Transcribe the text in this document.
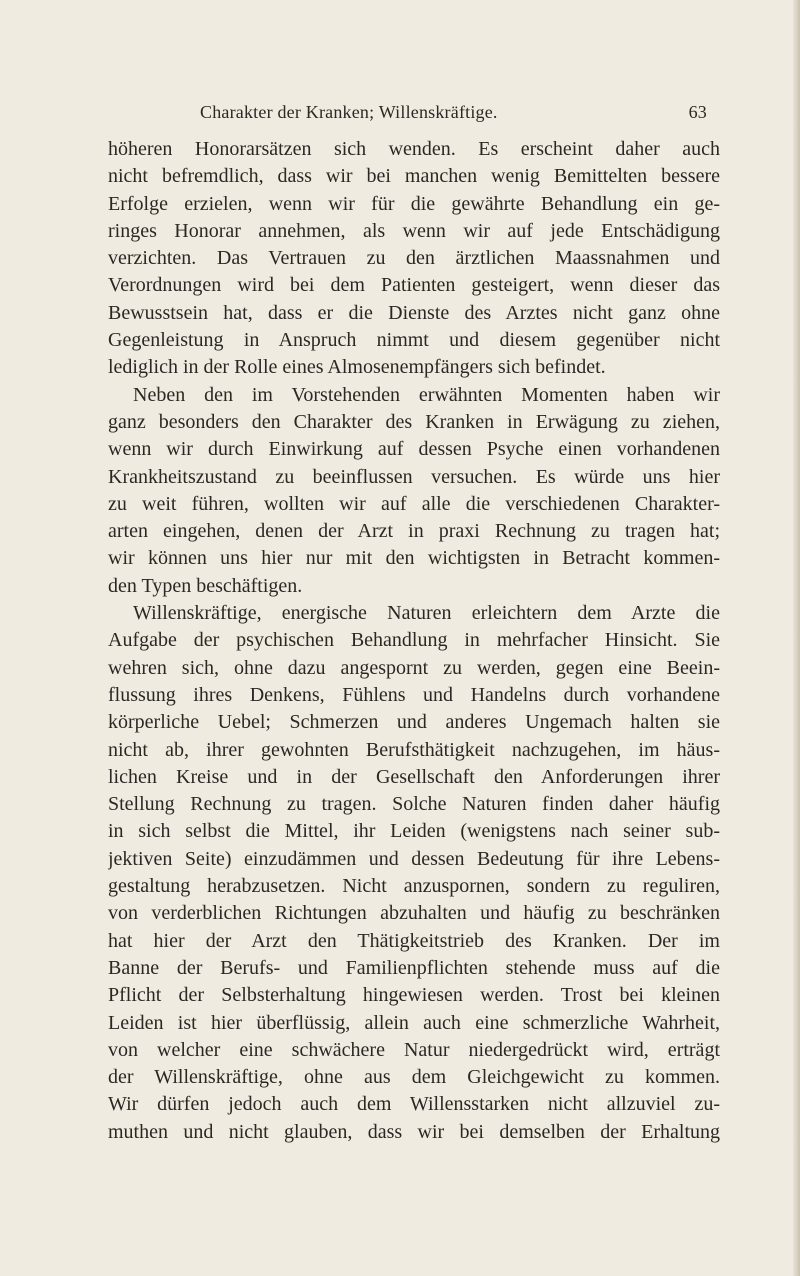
Charakter der Kranken; Willenskräftige.	63
höheren Honorarsätzen sich wenden. Es erscheint daher auch
nicht befremdlich, dass wir bei manchen wenig Bemittelten bessere
Erfolge erzielen, wenn wir für die gewährte Behandlung ein ge-
ringes Honorar annehmen, als wenn wir auf jede Entschädigung
verzichten. Das Vertrauen zu den ärztlichen Maassnahmen und
Verordnungen wird bei dem Patienten gesteigert, wenn dieser das
Bewusstsein hat, dass er die Dienste des Arztes nicht ganz ohne
Gegenleistung in Anspruch nimmt und diesem gegenüber nicht
lediglich in der Rolle eines Almosenempfängers sich befindet.
Neben den im Vorstehenden erwähnten Momenten haben wir
ganz besonders den Charakter des Kranken in Erwägung zu ziehen,
wenn wir durch Einwirkung auf dessen Psyche einen vorhandenen
Krankheitszustand zu beeinflussen versuchen. Es würde uns hier
zu weit führen, wollten wir auf alle die verschiedenen Charakter-
arten eingehen, denen der Arzt in praxi Rechnung zu tragen hat;
wir können uns hier nur mit den wichtigsten in Betracht kommen-
den Typen beschäftigen.
Willenskräftige, energische Naturen erleichtern dem Arzte die
Aufgabe der psychischen Behandlung in mehrfacher Hinsicht. Sie
wehren sich, ohne dazu angespornt zu werden, gegen eine Beein-
flussung ihres Denkens, Fühlens und Handelns durch vorhandene
körperliche Uebel; Schmerzen und anderes Ungemach halten sie
nicht ab, ihrer gewohnten Berufsthätigkeit nachzugehen, im häus-
lichen Kreise und in der Gesellschaft den Anforderungen ihrer
Stellung Rechnung zu tragen. Solche Naturen finden daher häufig
in sich selbst die Mittel, ihr Leiden (wenigstens nach seiner sub-
jektiven Seite) einzudämmen und dessen Bedeutung für ihre Lebens-
gestaltung herabzusetzen. Nicht anzuspornen, sondern zu reguliren,
von verderblichen Richtungen abzuhalten und häufig zu beschränken
hat hier der Arzt den Thätigkeitstrieb des Kranken. Der im
Banne der Berufs- und Familienpflichten stehende muss auf die
Pflicht der Selbsterhaltung hingewiesen werden. Trost bei kleinen
Leiden ist hier überflüssig, allein auch eine schmerzliche Wahrheit,
von welcher eine schwächere Natur niedergedrückt wird, erträgt
der Willenskräftige, ohne aus dem Gleichgewicht zu kommen.
Wir dürfen jedoch auch dem Willensstarken nicht allzuviel zu-
muthen und nicht glauben, dass wir bei demselben der Erhaltung
